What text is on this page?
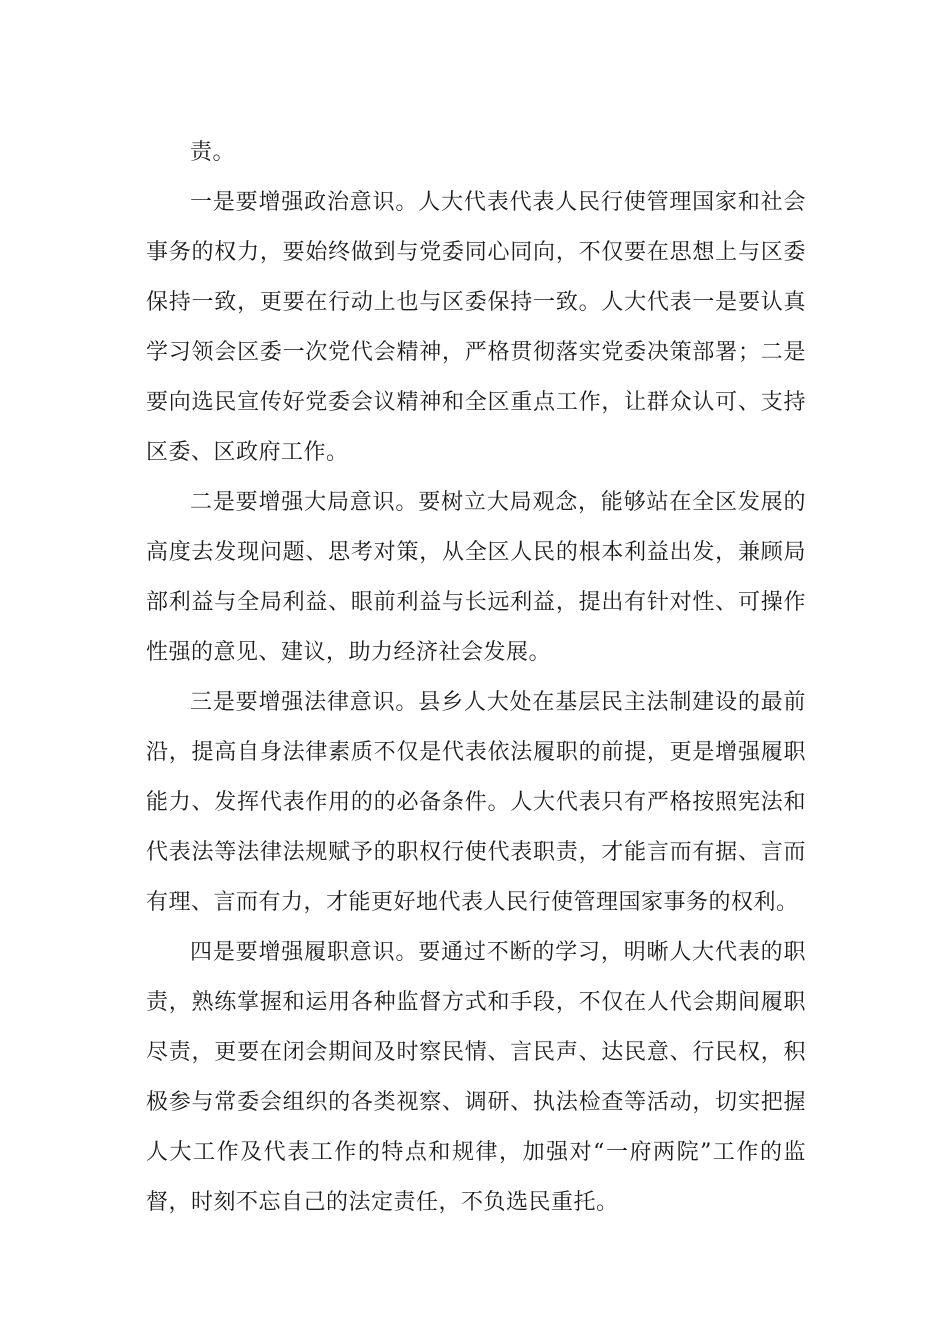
责。

一是要增强政治意识。人大代表代表人民行使管理国家和社会事务的权力，要始终做到与党委同心同向，不仅要在思想上与区委保持一致，更要在行动上也与区委保持一致。人大代表一是要认真学习领会区委一次党代会精神，严格贯彻落实党委决策部署；二是要向选民宣传好党委会议精神和全区重点工作，让群众认可、支持区委、区政府工作。

二是要增强大局意识。要树立大局观念，能够站在全区发展的高度去发现问题、思考对策，从全区人民的根本利益出发，兼顾局部利益与全局利益、眼前利益与长远利益，提出有针对性、可操作性强的意见、建议，助力经济社会发展。

三是要增强法律意识。县乡人大处在基层民主法制建设的最前沿，提高自身法律素质不仅是代表依法履职的前提，更是增强履职能力、发挥代表作用的的必备条件。人大代表只有严格按照宪法和代表法等法律法规赋予的职权行使代表职责，才能言而有据、言而有理、言而有力，才能更好地代表人民行使管理国家事务的权利。

四是要增强履职意识。要通过不断的学习，明晰人大代表的职责，熟练掌握和运用各种监督方式和手段，不仅在人代会期间履职尽责，更要在闭会期间及时察民情、言民声、达民意、行民权，积极参与常委会组织的各类视察、调研、执法检查等活动，切实把握人大工作及代表工作的特点和规律，加强对“一府两院”工作的监督，时刻不忘自己的法定责任，不负选民重托。
